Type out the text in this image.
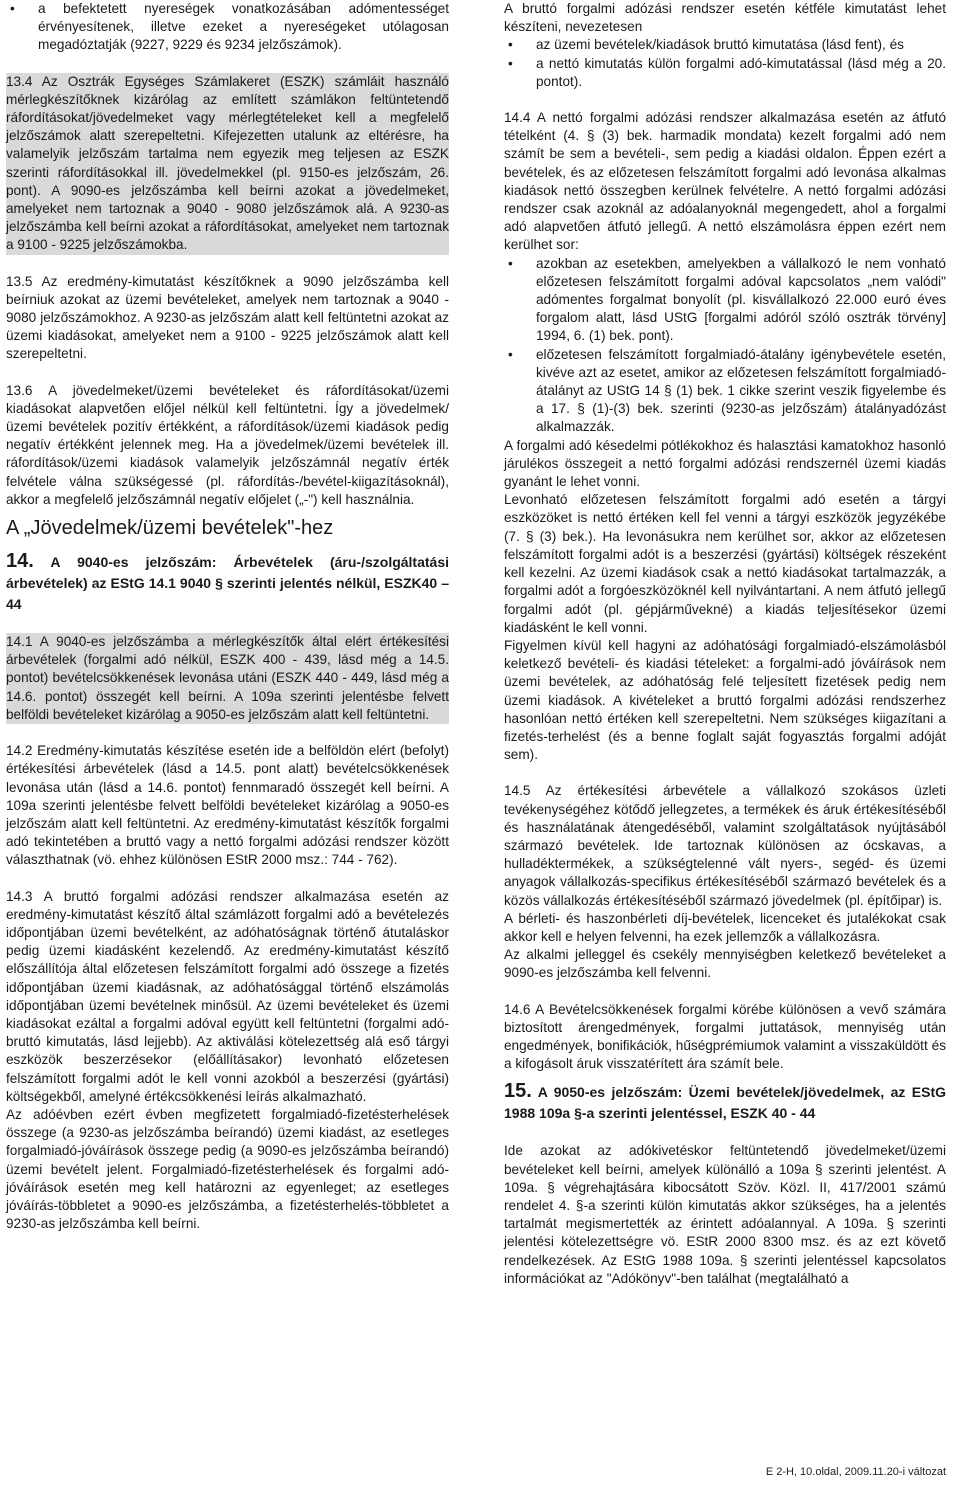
• a befektetett nyereségek vonatkozásában adómentességet érvényesítenek, illetve ezeket a nyereségeket utólagosan megadóztatják (9227, 9229 és 9234 jelzőszámok).

13.4 Az Osztrák Egységes Számlakeret (ESZK) számláit használó mérlegkészítőknek kizárólag az említett számlákon feltüntetendő ráfordításokat/jövedelmeket vagy mérlegtételeket kell a megfelelő jelzőszámok alatt szerepeltetni. Kifejezetten utalunk az eltérésre, ha valamelyik jelzőszám tartalma nem egyezik meg teljesen az ESZK szerinti ráfordításokkal ill. jövedelmekkel (pl. 9150-es jelzőszám, 26. pont). A 9090-es jelzőszámba kell beírni azokat a jövedelmeket, amelyeket nem tartoznak a 9040 - 9080 jelzőszámok alá. A 9230-as jelzőszámba kell beírni azokat a ráfordításokat, amelyeket nem tartoznak a 9100 - 9225 jelzőszámokba.

13.5 Az eredmény-kimutatást készítőknek a 9090 jelzőszámba kell beírniuk azokat az üzemi bevételeket, amelyek nem tartoznak a 9040 - 9080 jelzőszámokhoz. A 9230-as jelzőszám alatt kell feltüntetni azokat az üzemi kiadásokat, amelyeket nem a 9100 - 9225 jelzőszámok alatt kell szerepeltetni.

13.6 A jövedelmeket/üzemi bevételeket és ráfordításokat/üzemi kiadásokat alapvetően előjel nélkül kell feltüntetni. Így a jövedelmek/üzemi bevételek pozitív értékként, a ráfordítások/üzemi kiadások pedig negatív értékként jelennek meg. Ha a jövedelmek/üzemi bevételek ill. ráfordítások/üzemi kiadások valamelyik jelzőszámnál negatív érték felvétele válna szükségessé (pl. ráfordítás-/bevétel-kiigazításoknál), akkor a megfelelő jelzőszámnál negatív előjelet („-") kell használnia.

A „Jövedelmek/üzemi bevételek"-hez

14. A 9040-es jelzőszám: Árbevételek (áru-/szolgáltatási árbevételek) az EStG 14.1 9040 § szerinti jelentés nélkül, ESZK40 – 44

14.1 A 9040-es jelzőszámba a mérlegkészítők által elért értékesítési árbevételek (forgalmi adó nélkül, ESZK 400 - 439, lásd még a 14.5. pontot) bevételcsökkenések levonása utáni (ESZK 440 - 449, lásd még a 14.6. pontot) összegét kell beírni. A 109a szerinti jelentésbe felvett belföldi bevételeket kizárólag a 9050-es jelzőszám alatt kell feltüntetni.

14.2 Eredmény-kimutatás készítése esetén ide a belföldön elért (befolyt) értékesítési árbevételek (lásd a 14.5. pont alatt) bevételcsökkenések levonása után (lásd a 14.6. pontot) fennmaradó összegét kell beírni. A 109a szerinti jelentésbe felvett belföldi bevételeket kizárólag a 9050-es jelzőszám alatt kell feltüntetni. Az eredmény-kimutatást készítők forgalmi adó tekintetében a bruttó vagy a nettó forgalmi adózási rendszer között választhatnak (vö. ehhez különösen EStR 2000 msz.: 744 - 762).

14.3 A bruttó forgalmi adózási rendszer alkalmazása esetén az eredmény-kimutatást készítő által számlázott forgalmi adó a bevételezés időpontjában üzemi bevételként, az adóhatóságnak történő átutaláskor pedig üzemi kiadásként kezelendő. Az eredmény-kimutatást készítő előszállítója által előzetesen felszámított forgalmi adó összege a fizetés időpontjában üzemi kiadásnak, az adóhatósággal történő elszámolás időpontjában üzemi bevételnek minősül. Az üzemi bevételeket és üzemi kiadásokat ezáltal a forgalmi adóval együtt kell feltüntetni (forgalmi adó- bruttó kimutatás, lásd lejjebb). Az aktiválási kötelezettség alá eső tárgyi eszközök beszerzésekor (előállításakor) levonható előzetesen felszámított forgalmi adót le kell vonni azokból a beszerzési (gyártási) költségekből, amelyné értékcsökkenési leírás alkalmazható.

Az adóévben ezért évben megfizetett forgalmiadó-fizetésterhelések összege (a 9230-as jelzőszámba beírandó) üzemi kiadást, az esetleges forgalmiadó-jóváírások összege pedig (a 9090-es jelzőszámba beírandó) üzemi bevételt jelent. Forgalmiadó-fizetésterhelések és forgalmi adó-jóváírások esetén meg kell határozni az egyenleget; az esetleges jóváírás-többletet a 9090-es jelzőszámba, a fizetésterhelés-többletet a 9230-as jelzőszámba kell beírni.

A bruttó forgalmi adózási rendszer esetén kétféle kimutatást lehet készíteni, nevezetesen

• az üzemi bevételek/kiadások bruttó kimutatása (lásd fent), és
• a nettó kimutatás külön forgalmi adó-kimutatással (lásd még a 20. pontot).

14.4 A nettó forgalmi adózási rendszer alkalmazása esetén az átfutó tételként (4. § (3) bek. harmadik mondata) kezelt forgalmi adó nem számít be sem a bevételi-, sem pedig a kiadási oldalon. Éppen ezért a bevételek, és az előzetesen felszámított forgalmi adó levonása alkalmas kiadások nettó összegben kerülnek felvételre. A nettó forgalmi adózási rendszer csak azoknál az adóalanyoknál megengedett, ahol a forgalmi adó alapvetően átfutó jellegű. A nettó elszámolásra éppen ezért nem kerülhet sor:

• azokban az esetekben, amelyekben a vállalkozó le nem vonható előzetesen felszámított forgalmi adóval kapcsolatos „nem valódi" adómentes forgalmat bonyolít (pl. kisvállalkozó 22.000 euró éves forgalom alatt, lásd UStG [forgalmi adóról szóló osztrák törvény] 1994, 6. (1) bek. pont).
• előzetesen felszámított forgalmiadó-átalány igénybevétele esetén, kivéve azt az esetet, amikor az előzetesen felszámított forgalmiadó-átalányt az UStG 14 § (1) bek. 1 cikke szerint veszik figyelembe és a 17. § (1)-(3) bek. szerinti (9230-as jelzőszám) átalányadózást alkalmazzák.

A forgalmi adó késedelmi pótlékokhoz és halasztási kamatokhoz hasonló járulékos összegeit a nettó forgalmi adózási rendszernél üzemi kiadás gyanánt le lehet vonni.

Levonható előzetesen felszámított forgalmi adó esetén a tárgyi eszközöket is nettó értéken kell fel venni a tárgyi eszközök jegyzékébe (7. § (3) bek.). Ha levonásukra nem kerülhet sor, akkor az előzetesen felszámított forgalmi adót is a beszerzési (gyártási) költségek részeként kell kezelni. Az üzemi kiadások csak a nettó kiadásokat tartalmazzák, a forgalmi adót a forgóeszközöknél kell nyilvántartani. A nem átfutó jellegű forgalmi adót (pl. gépjárművekné) a kiadás teljesítésekor üzemi kiadásként le kell vonni.

Figyelmen kívül kell hagyni az adóhatósági forgalmiadó-elszámolásból keletkező bevételi- és kiadási tételeket: a forgalmi-adó jóváírások nem üzemi bevételek, az adóhatóság felé teljesített fizetések pedig nem üzemi kiadások. A kivételeket a bruttó forgalmi adózási rendszerhez hasonlóan nettó értéken kell szerepeltetni. Nem szükséges kiigazítani a fizetés-terhelést (és a benne foglalt saját fogyasztás forgalmi adóját sem).

14.5 Az értékesítési árbevétele a vállalkozó szokásos üzleti tevékenységéhez kötődő jellegzetes, a termékek és áruk értékesítéséből és használatának átengedéséből, valamint szolgáltatások nyújtásából származó bevételek. Ide tartoznak különösen az ócskavas, a hulladéktermékek, a szükségtelenné vált nyers-, segéd- és üzemi anyagok vállalkozás-specifikus értékesítéséből származó bevételek és a közös vállalkozás értékesítéséből származó jövedelmek (pl. építőipar) is.

A bérleti- és haszonbérleti díj-bevételek, licenceket és jutalékokat csak akkor kell e helyen felvenni, ha ezek jellemzők a vállalkozásra.

Az alkalmi jelleggel és csekély mennyiségben keletkező bevételeket a 9090-es jelzőszámba kell felvenni.

14.6 A Bevételcsökkenések forgalmi körébe különösen a vevő számára biztosított árengedmények, forgalmi juttatások, mennyiség után engedmények, bonifikációk, hűségprémiumok valamint a visszaküldött és a kifogásolt áruk visszatérített ára számít bele.

15. A 9050-es jelzőszám: Üzemi bevételek/jövedelmek, az EStG 1988 109a §-a szerinti jelentéssel, ESZK 40 - 44

Ide azokat az adókivetéskor feltüntetendő jövedelmeket/üzemi bevételeket kell beírni, amelyek különálló a 109a § szerinti jelentést. A 109a. § végrehajtására kibocsátott Szöv. Közl. II, 417/2001 számú rendelet 4. §-a szerinti külön kimutatás akkor szükséges, ha a jelentés tartalmát megismertették az érintett adóalannyal. A 109a. § szerinti jelentési kötelezettségre vö. EStR 2000 8300 msz. és az ezt követő rendelkezések. Az EStG 1988 109a. § szerinti jelentéssel kapcsolatos információkat az "Adókönyv"-ben találhat (megtalálható a

E 2-H, 10.oldal, 2009.11.20-i változat
